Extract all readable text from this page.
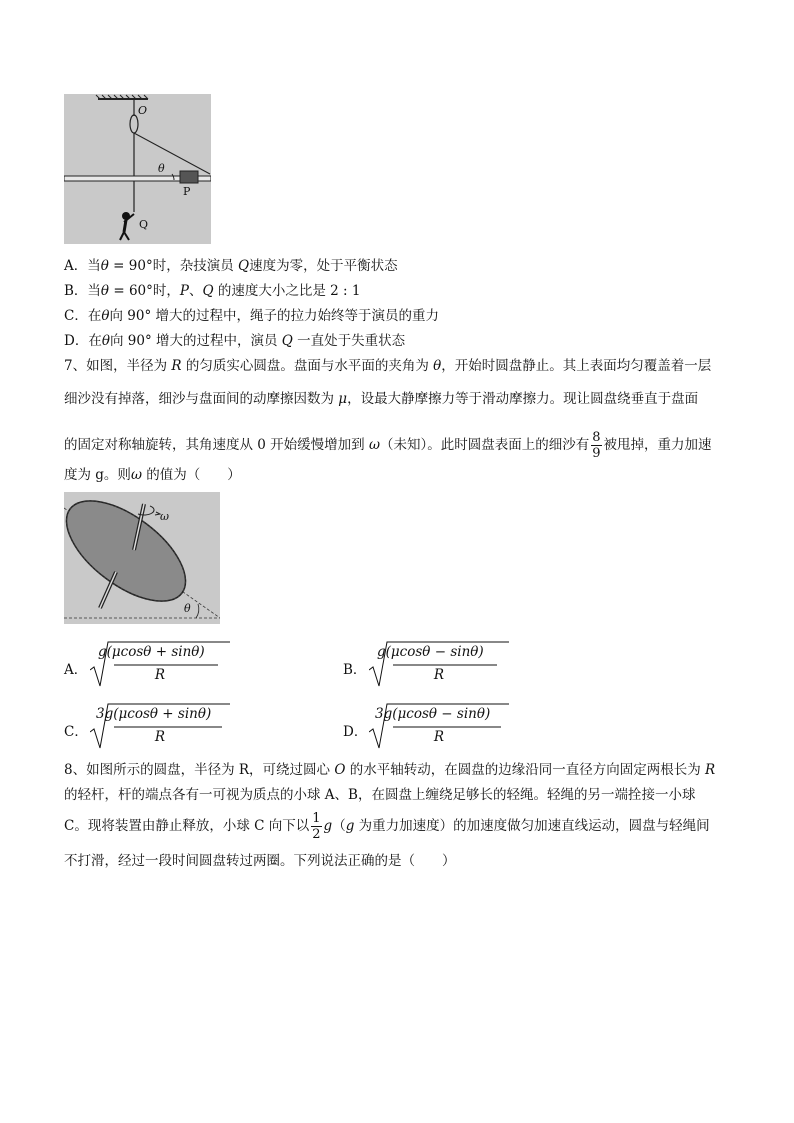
O
θ
P
Q
A．当θ = 90°时，杂技演员 Q速度为零，处于平衡状态
B．当θ = 60°时，P、Q 的速度大小之比是 2 : 1
C．在θ向 90° 增大的过程中，绳子的拉力始终等于演员的重力
D．在θ向 90° 增大的过程中，演员 Q 一直处于失重状态
7、如图，半径为 R 的匀质实心圆盘。盘面与水平面的夹角为 θ，开始时圆盘静止。其上表面均匀覆盖着一层
细沙没有掉落，细沙与盘面间的动摩擦因数为 μ，设最大静摩擦力等于滑动摩擦力。现让圆盘绕垂直于盘面
的固定对称轴旋转，其角速度从 0 开始缓慢增加到 ω（未知）。此时圆盘表面上的细沙有 $\frac{8}{9}$ 被甩掉，重力加速
度为 g。则ω 的值为（　　）
ω
θ
A．
g(μcosθ + sinθ)
R	B．
g(μcosθ − sinθ)
R
C．
3g(μcosθ + sinθ)
R	D．
3g(μcosθ − sinθ)
R
8、如图所示的圆盘，半径为 R，可绕过圆心 O 的水平轴转动，在圆盘的边缘沿同一直径方向固定两根长为 R
的轻杆，杆的端点各有一可视为质点的小球 A、B，在圆盘上缠绕足够长的轻绳。轻绳的另一端拴接一小球
C。现将装置由静止释放，小球 C 向下以 $\frac{1}{2} g(g$ 为重力加速度）的加速度做匀加速直线运动，圆盘与轻绳间
不打滑，经过一段时间圆盘转过两圈。下列说法正确的是（　　）
